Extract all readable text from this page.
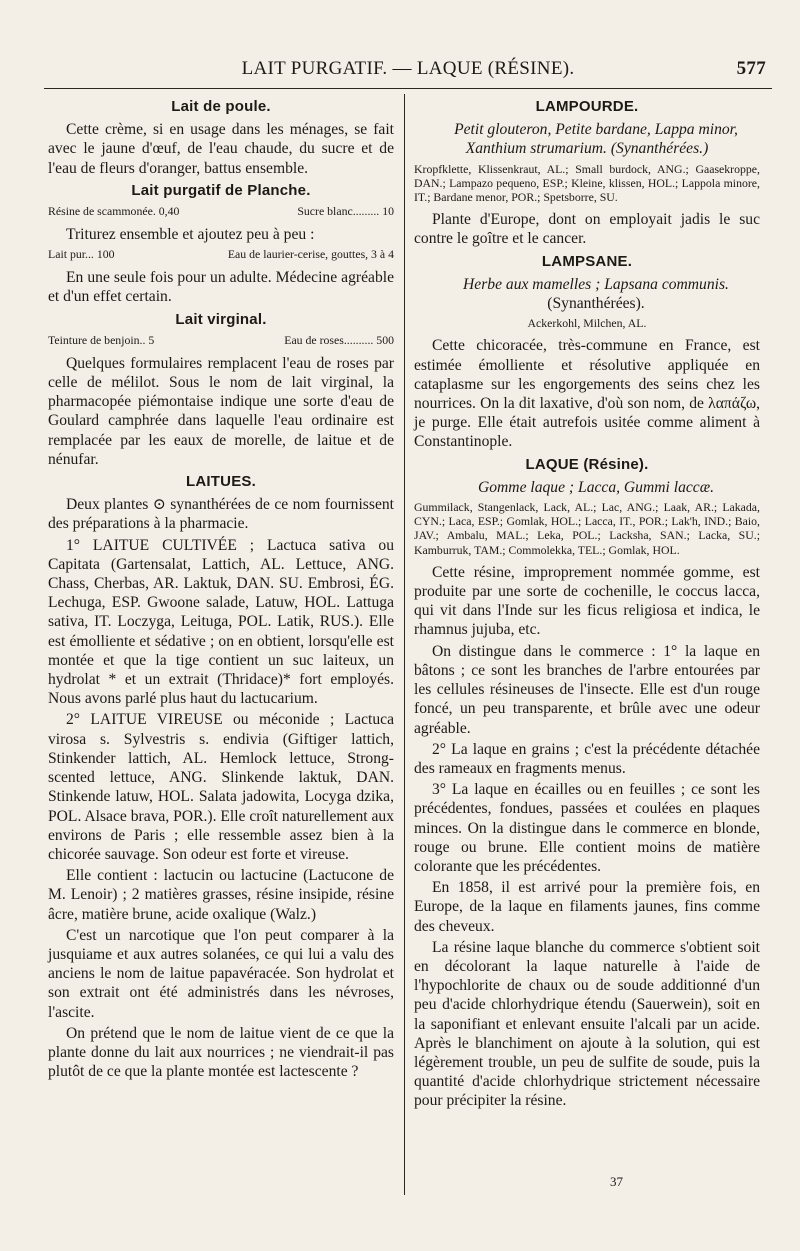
LAIT PURGATIF. — LAQUE (RÉSINE).	577
Lait de poule.

Cette crème, si en usage dans les ménages, se fait avec le jaune d'œuf, de l'eau chaude, du sucre et de l'eau de fleurs d'oranger, battus ensemble.

Lait purgatif de Planche.
Résine de scammonée. 0,40	Sucre blanc......... 10

Triturez ensemble et ajoutez peu à peu :

Lait pur... 100	Eau de laurier-cerise, gouttes, 3 à 4

En une seule fois pour un adulte. Médecine agréable et d'un effet certain.

Lait virginal.
Teinture de benjoin.. 5	Eau de roses.......... 500

Quelques formulaires remplacent l'eau de roses par celle de mélilot. Sous le nom de lait virginal, la pharmacopée piémontaise indique une sorte d'eau de Goulard camphrée dans laquelle l'eau ordinaire est remplacée par les eaux de morelle, de laitue et de nénufar.

LAITUES.

Deux plantes ⊙ synanthérées de ce nom fournissent des préparations à la pharmacie.

1° LAITUE CULTIVÉE ; Lactuca sativa ou Capitata (Gartensalat, Lattich, AL. Lettuce, ANG. Chass, Cherbas, AR. Laktuk, DAN. SU. Embrosi, ÉG. Lechuga, ESP. Gwoone salade, Latuw, HOL. Lattuga sativa, IT. Loczyga, Leituga, POL. Latik, RUS.). Elle est émolliente et sédative ; on en obtient, lorsqu'elle est montée et que la tige contient un suc laiteux, un hydrolat * et un extrait (Thridace)* fort employés. Nous avons parlé plus haut du lactucarium.

2° LAITUE VIREUSE ou méconide ; Lactuca virosa s. Sylvestris s. endivia (Giftiger lattich, Stinkender lattich, AL. Hemlock lettuce, Strong-scented lettuce, ANG. Slinkende laktuk, DAN. Stinkende latuw, HOL. Salata jadowita, Locyga dzika, POL. Alsace brava, POR.). Elle croît naturellement aux environs de Paris ; elle ressemble assez bien à la chicorée sauvage. Son odeur est forte et vireuse.

Elle contient : lactucin ou lactucine (Lactucone de M. Lenoir) ; 2 matières grasses, résine insipide, résine âcre, matière brune, acide oxalique (Walz.)

C'est un narcotique que l'on peut comparer à la jusquiame et aux autres solanées, ce qui lui a valu des anciens le nom de laitue papavéracée. Son hydrolat et son extrait ont été administrés dans les névroses, l'ascite.

On prétend que le nom de laitue vient de ce que la plante donne du lait aux nourrices ; ne viendrait-il pas plutôt de ce que la plante montée est lactescente ?

LAMPOURDE.

Petit glouteron, Petite bardane, Lappa minor, Xanthium strumarium. (Synanthérées.)

Kropfklette, Klissenkraut, AL.; Small burdock, ANG.; Gaasekroppe, DAN.; Lampazo pequeno, ESP.; Kleine, klissen, HOL.; Lappola minore, IT.; Bardane menor, POR.; Spetsborre, SU.

Plante d'Europe, dont on employait jadis le suc contre le goître et le cancer.

LAMPSANE.

Herbe aux mamelles ; Lapsana communis.

(Synanthérées).

Ackerkohl, Milchen, AL.

Cette chicoracée, très-commune en France, est estimée émolliente et résolutive appliquée en cataplasme sur les engorgements des seins chez les nourrices. On la dit laxative, d'où son nom, de λαπάζω, je purge. Elle était autrefois usitée comme aliment à Constantinople.

LAQUE (Résine).

Gomme laque ; Lacca, Gummi laccæ.

Gummilack, Stangenlack, Lack, AL.; Lac, ANG.; Laak, AR.; Lakada, CYN.; Laca, ESP.; Gomlak, HOL.; Lacca, IT., POR.; Lak'h, IND.; Baio, JAV.; Ambalu, MAL.; Leka, POL.; Lacksha, SAN.; Lacka, SU.; Kamburruk, TAM.; Commolekka, TEL.; Gomlak, HOL.

Cette résine, improprement nommée gomme, est produite par une sorte de cochenille, le coccus lacca, qui vit dans l'Inde sur les ficus religiosa et indica, le rhamnus jujuba, etc.

On distingue dans le commerce : 1° la laque en bâtons ; ce sont les branches de l'arbre entourées par les cellules résineuses de l'insecte. Elle est d'un rouge foncé, un peu transparente, et brûle avec une odeur agréable.

2° La laque en grains ; c'est la précédente détachée des rameaux en fragments menus.

3° La laque en écailles ou en feuilles ; ce sont les précédentes, fondues, passées et coulées en plaques minces. On la distingue dans le commerce en blonde, rouge ou brune. Elle contient moins de matière colorante que les précédentes.

En 1858, il est arrivé pour la première fois, en Europe, de la laque en filaments jaunes, fins comme des cheveux.

La résine laque blanche du commerce s'obtient soit en décolorant la laque naturelle à l'aide de l'hypochlorite de chaux ou de soude additionné d'un peu d'acide chlorhydrique étendu (Sauerwein), soit en la saponifiant et enlevant ensuite l'alcali par un acide. Après le blanchiment on ajoute à la solution, qui est légèrement trouble, un peu de sulfite de soude, puis la quantité d'acide chlorhydrique strictement nécessaire pour précipiter la résine.

37
